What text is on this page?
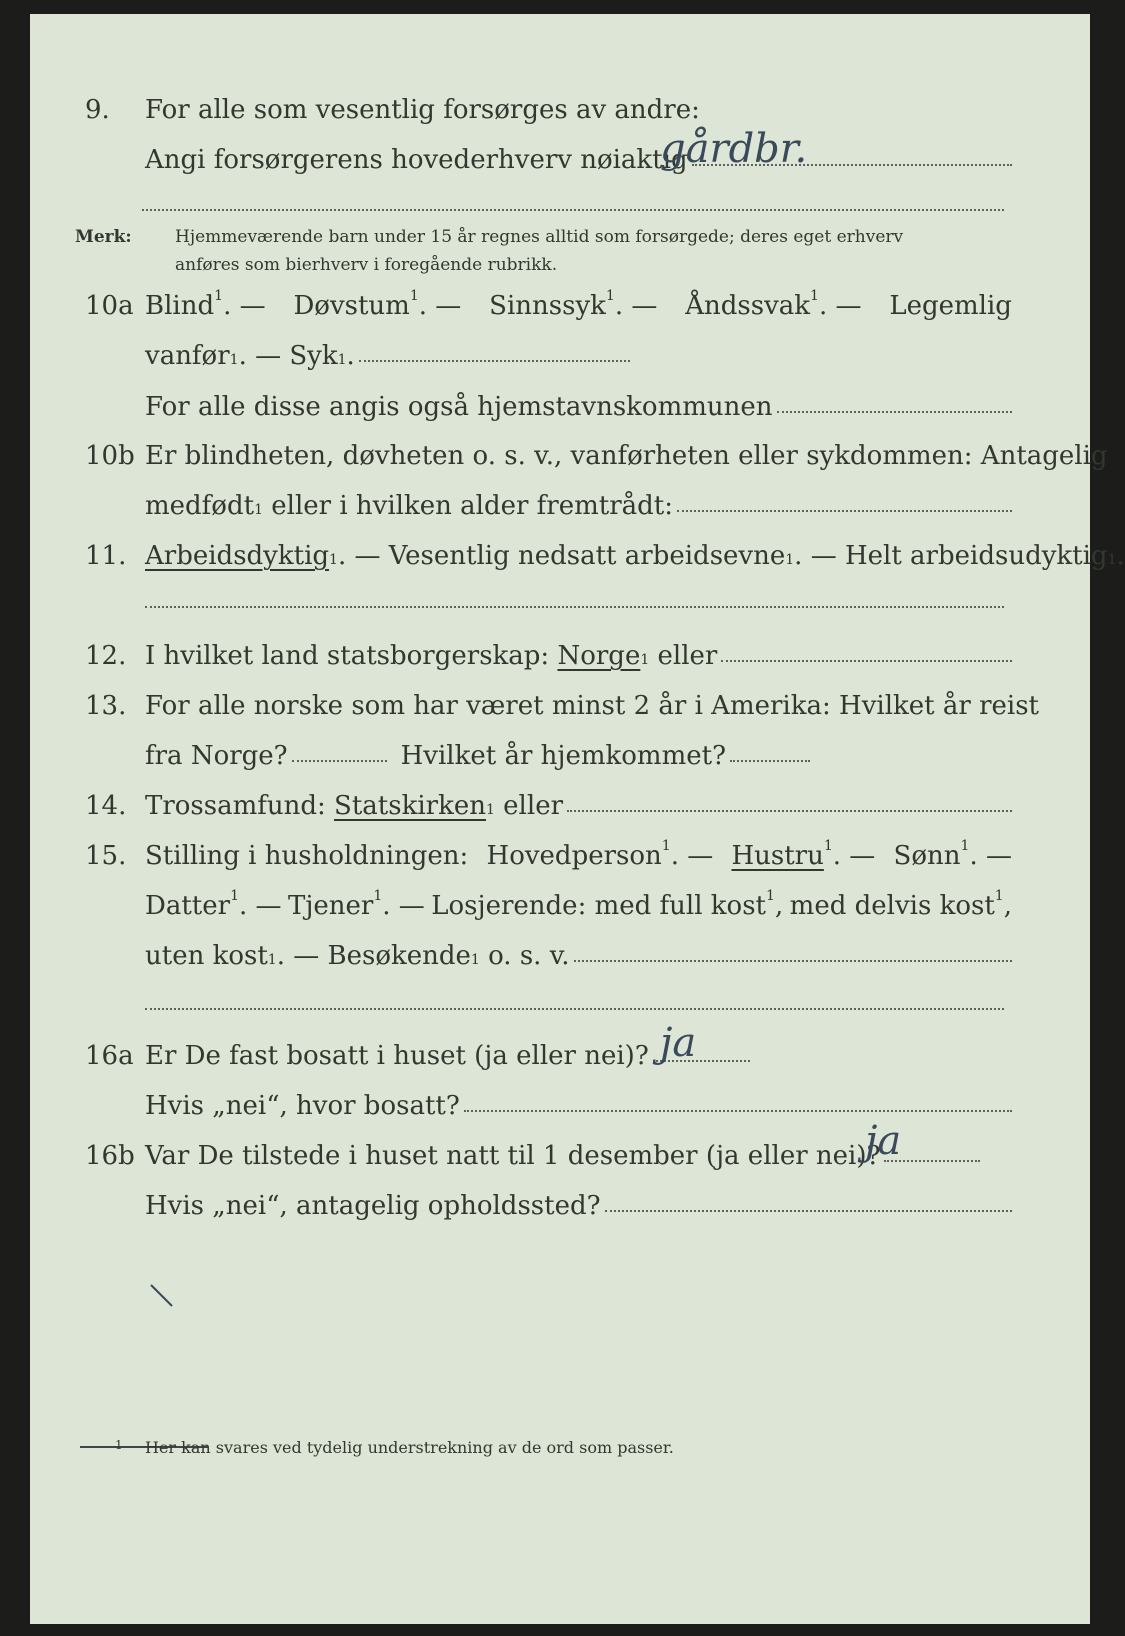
9. For alle som vesentlig forsørges av andre:
Angi forsørgerens hovederhverv nøiaktig
gårdbr.
Merk:	Hjemmeværende barn under 15 år regnes alltid som forsørgede; deres eget erhverv
anføres som bierhverv i foregående rubrikk.
10a Blind$^1$. — Døvstum$^1$. — Sinnssyk$^1$. — Åndssvak$^1$. — Legemlig
vanfør 1 . — Syk 1 .
For alle disse angis også hjemstavnskommunen
10b Er blindheten, døvheten o. s. v., vanførheten eller sykdommen: Antagelig
medfødt 1
eller i hvilken alder fremtrådt:
11. Arbeidsdyktig 1 . — Vesentlig nedsatt arbeidsevne 1 . — Helt arbeidsudyktig 1 .
12. I hvilket land statsborgerskap:
Norge 1
eller
13. For alle norske som har været minst 2 år i Amerika: Hvilket år reist
fra Norge?	Hvilket år hjemkommet?
14. Trossamfund:
Statskirken 1
eller
15. Stilling i husholdningen: Hovedperson$^1$. — Hustru$^1$. — Sønn$^1$. —
Datter$^1$. — Tjener$^1$. — Losjerende: med full kost$^1$, med delvis kost$^1$,
uten kost 1 . — Besøkende 1
o. s. v.
16a Er De fast bosatt i huset (ja eller nei)? ja
Hvis „nei“, hvor bosatt?
16b Var De tilstede i huset natt til 1 desember (ja eller nei)?
ja
Hvis „nei“, antagelig opholdssted?
1 Her kan svares ved tydelig understrekning av de ord som passer.
